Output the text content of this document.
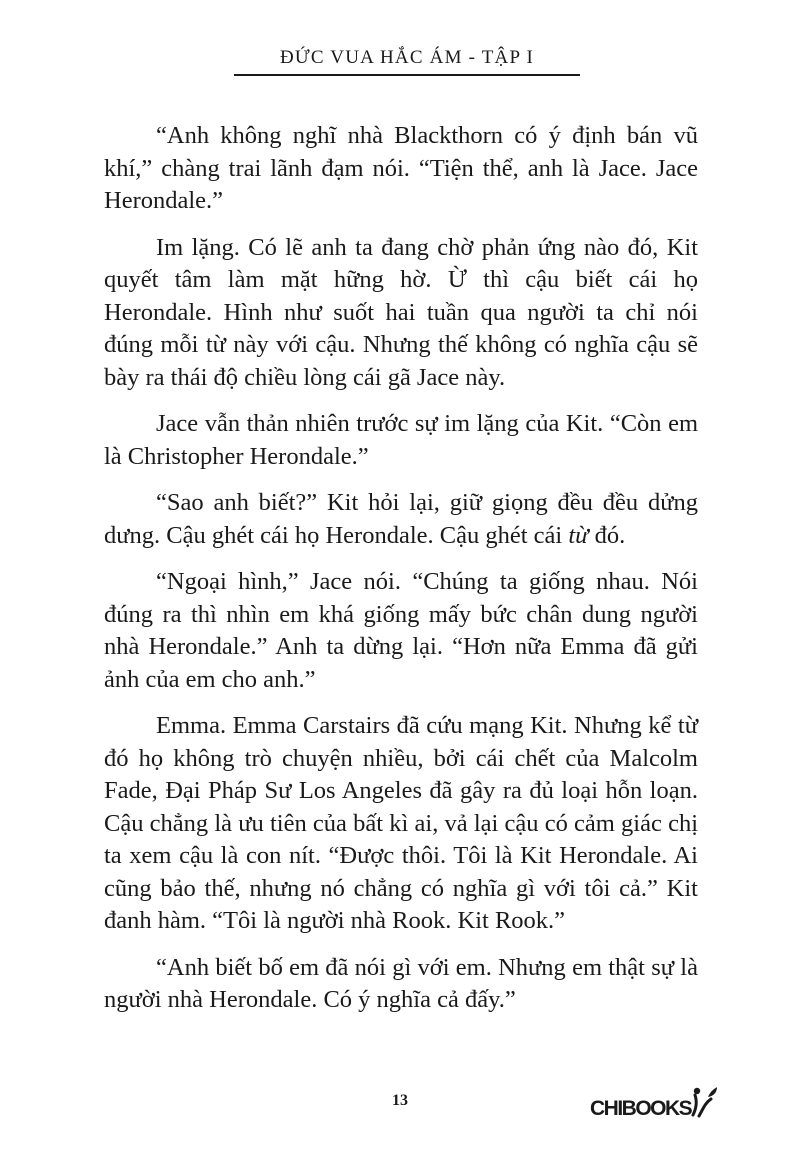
ĐỨC VUA HẮC ÁM - TẬP I

“Anh không nghĩ nhà Blackthorn có ý định bán vũ khí,” chàng trai lãnh đạm nói. “Tiện thể, anh là Jace. Jace Herondale.”

Im lặng. Có lẽ anh ta đang chờ phản ứng nào đó, Kit quyết tâm làm mặt hững hờ. Ừ thì cậu biết cái họ Herondale. Hình như suốt hai tuần qua người ta chỉ nói đúng mỗi từ này với cậu. Nhưng thế không có nghĩa cậu sẽ bày ra thái độ chiều lòng cái gã Jace này.

Jace vẫn thản nhiên trước sự im lặng của Kit. “Còn em là Christopher Herondale.”

“Sao anh biết?” Kit hỏi lại, giữ giọng đều đều dửng dưng. Cậu ghét cái họ Herondale. Cậu ghét cái từ đó.

“Ngoại hình,” Jace nói. “Chúng ta giống nhau. Nói đúng ra thì nhìn em khá giống mấy bức chân dung người nhà Herondale.” Anh ta dừng lại. “Hơn nữa Emma đã gửi ảnh của em cho anh.”

Emma. Emma Carstairs đã cứu mạng Kit. Nhưng kể từ đó họ không trò chuyện nhiều, bởi cái chết của Malcolm Fade, Đại Pháp Sư Los Angeles đã gây ra đủ loại hỗn loạn. Cậu chẳng là ưu tiên của bất kì ai, vả lại cậu có cảm giác chị ta xem cậu là con nít. “Được thôi. Tôi là Kit Herondale. Ai cũng bảo thế, nhưng nó chẳng có nghĩa gì với tôi cả.” Kit đanh hàm. “Tôi là người nhà Rook. Kit Rook.”

“Anh biết bố em đã nói gì với em. Nhưng em thật sự là người nhà Herondale. Có ý nghĩa cả đấy.”

13	CHIBOOKS
